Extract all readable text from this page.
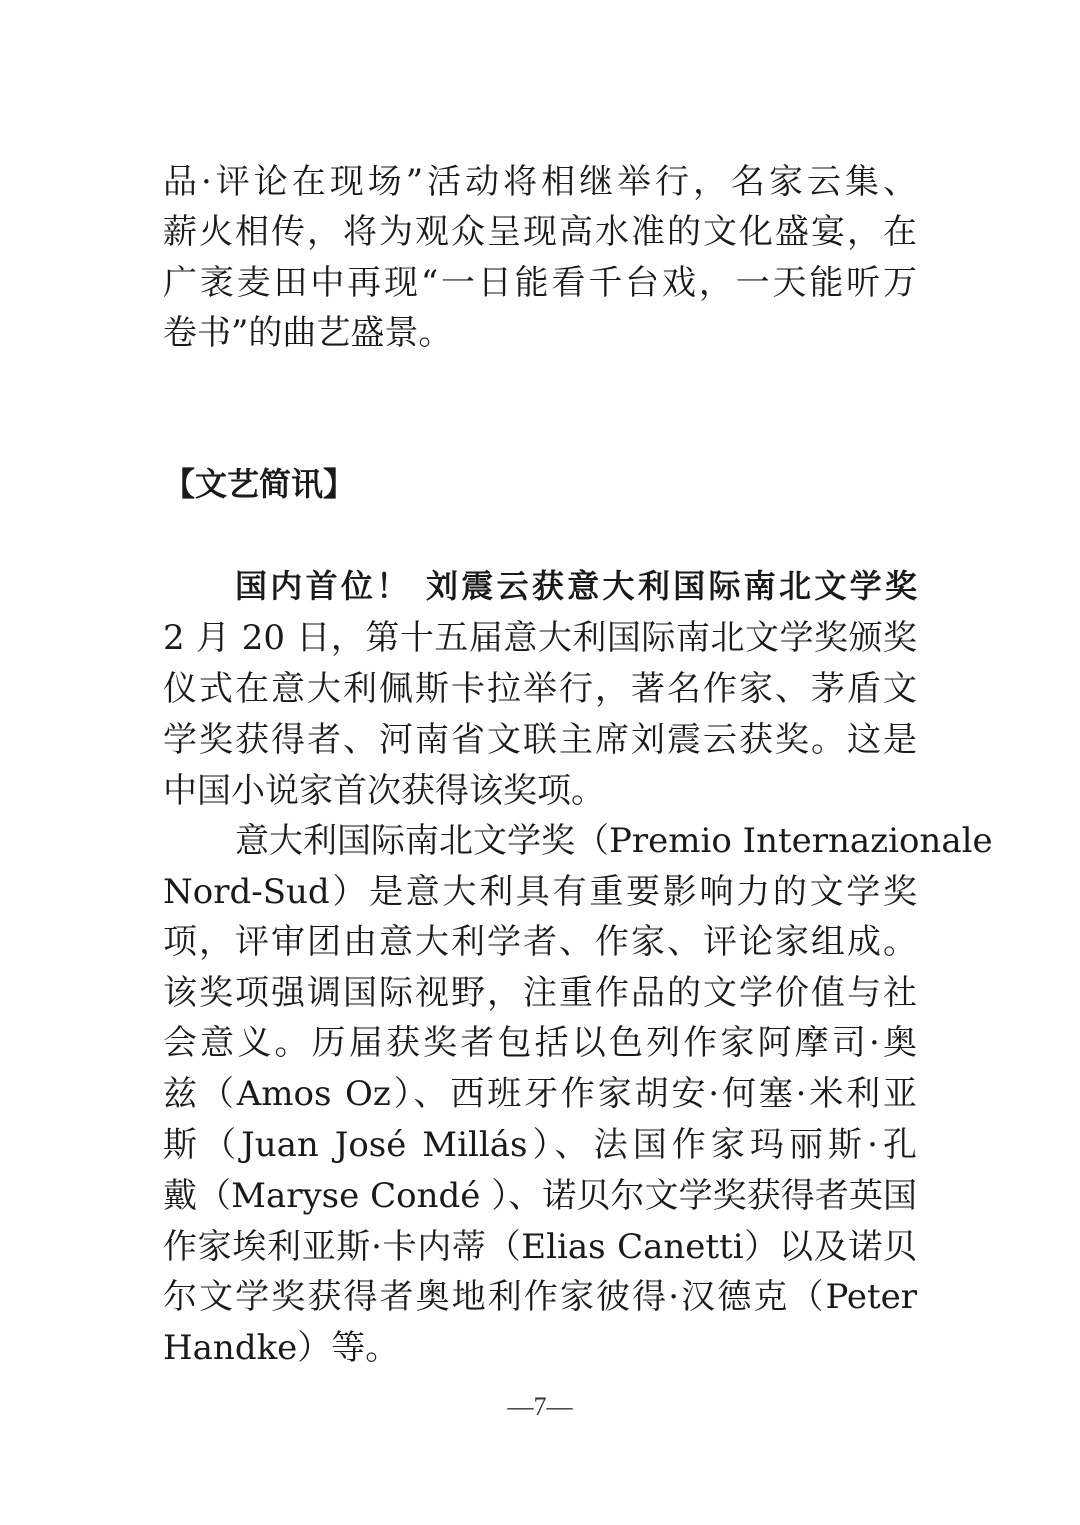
品·评论在现场”活动将相继举行，名家云集、
薪火相传，将为观众呈现高水准的文化盛宴，在
广袤麦田中再现“一日能看千台戏，一天能听万
卷书”的曲艺盛景。
【文艺简讯】
国内首位！ 刘震云获意大利国际南北文学奖
2 月 20 日，第十五届意大利国际南北文学奖颁奖
仪式在意大利佩斯卡拉举行，著名作家、茅盾文
学奖获得者、河南省文联主席刘震云获奖。这是
中国小说家首次获得该奖项。
意大利国际南北文学奖（Premio Internazionale
Nord-Sud）是意大利具有重要影响力的文学奖
项，评审团由意大利学者、作家、评论家组成。
该奖项强调国际视野，注重作品的文学价值与社
会意义。历届获奖者包括以色列作家阿摩司·奥
兹（Amos Oz）、西班牙作家胡安·何塞·米利亚
斯（Juan José Millás）、法国作家玛丽斯·孔
戴（Maryse Condé ）、诺贝尔文学奖获得者英国
作家埃利亚斯·卡内蒂（Elias Canetti）以及诺贝
尔文学奖获得者奥地利作家彼得·汉德克（Peter
Handke）等。
—7—
